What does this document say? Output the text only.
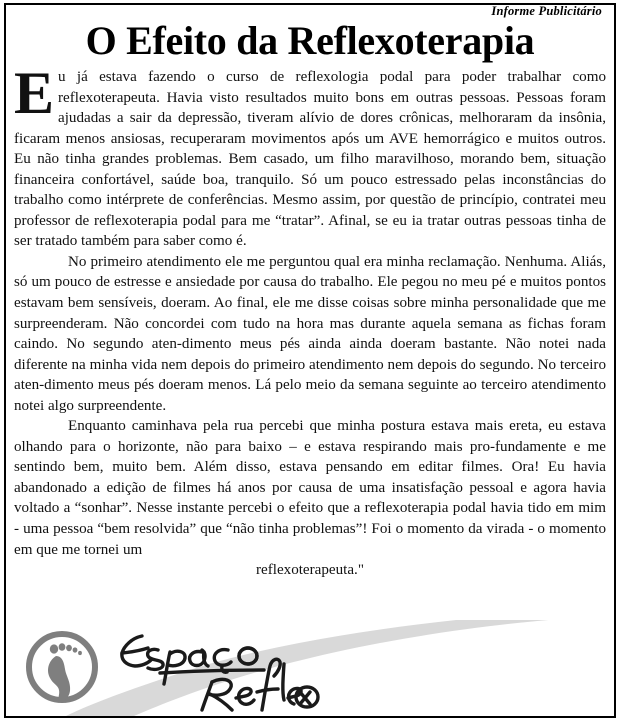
Informe Publicitário
O Efeito da Reflexoterapia

Eu já estava fazendo o curso de reflexologia podal para poder trabalhar como reflexoterapeuta. Havia visto resultados muito bons em outras pessoas. Pessoas foram ajudadas a sair da depressão, tiveram alívio de dores crônicas, melhoraram da insônia, ficaram menos ansiosas, recuperaram movimentos após um AVE hemorrágico e muitos outros. Eu não tinha grandes problemas. Bem casado, um filho maravilhoso, morando bem, situação financeira confortável, saúde boa, tranquilo. Só um pouco estressado pelas inconstâncias do trabalho como intérprete de conferências. Mesmo assim, por questão de princípio, contratei meu professor de reflexoterapia podal para me “tratar”. Afinal, se eu ia tratar outras pessoas tinha de ser tratado também para saber como é.

No primeiro atendimento ele me perguntou qual era minha reclamação. Nenhuma. Aliás, só um pouco de estresse e ansiedade por causa do trabalho. Ele pegou no meu pé e muitos pontos estavam bem sensíveis, doeram. Ao final, ele me disse coisas sobre minha personalidade que me surpreenderam. Não concordei com tudo na hora mas durante aquela semana as fichas foram caindo. No segundo aten-dimento meus pés ainda ainda doeram bastante. Não notei nada diferente na minha vida nem depois do primeiro atendimento nem depois do segundo. No terceiro aten-dimento meus pés doeram menos. Lá pelo meio da semana seguinte ao terceiro atendimento notei algo surpreendente.

Enquanto caminhava pela rua percebi que minha postura estava mais ereta, eu estava olhando para o horizonte, não para baixo – e estava respirando mais pro-fundamente e me sentindo bem, muito bem. Além disso, estava pensando em editar filmes. Ora! Eu havia abandonado a edição de filmes há anos por causa de uma insatisfação pessoal e agora havia voltado a “sonhar”. Nesse instante percebi o efeito que a reflexoterapia podal havia tido em mim - uma pessoa “bem resolvida” que “não tinha problemas”! Foi o momento da virada - o momento em que me tornei um

reflexoterapeuta."
